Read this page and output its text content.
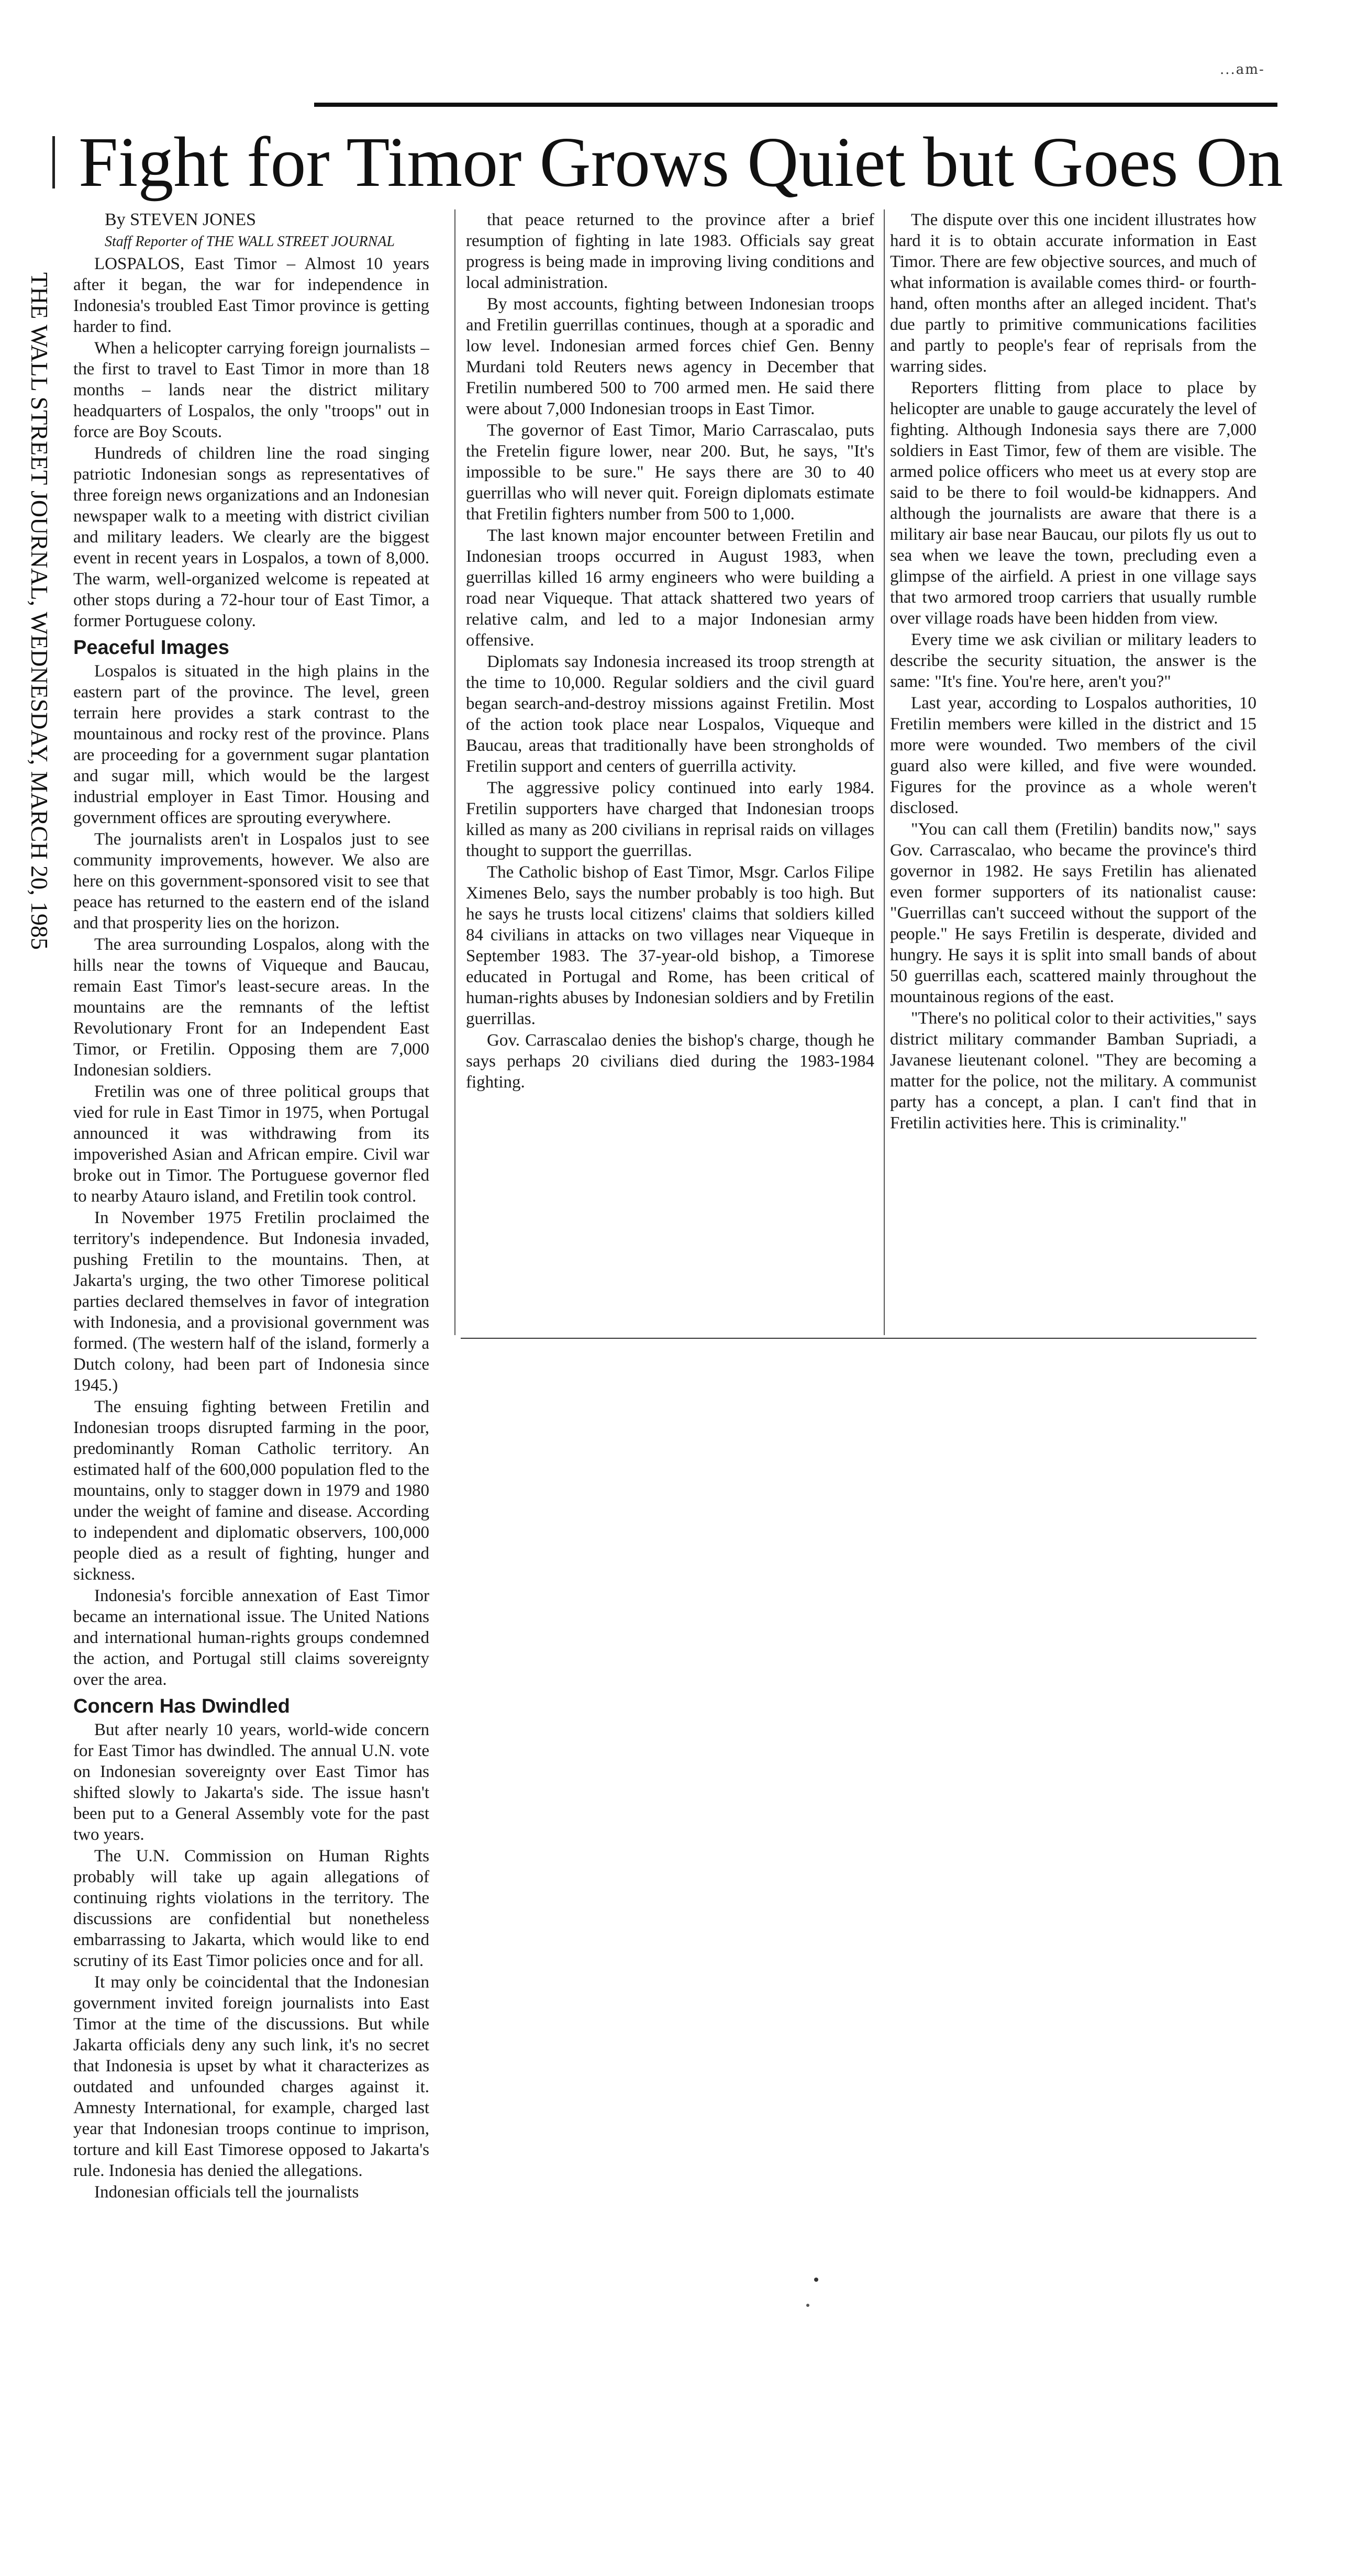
...am-
Fight for Timor Grows Quiet but Goes On
THE WALL STREET JOURNAL, WEDNESDAY, MARCH 20, 1985
By STEVEN JONES
Staff Reporter of THE WALL STREET JOURNAL

LOSPALOS, East Timor – Almost 10 years after it began, the war for independence in Indonesia's troubled East Timor province is getting harder to find.

When a helicopter carrying foreign journalists – the first to travel to East Timor in more than 18 months – lands near the district military headquarters of Lospalos, the only "troops" out in force are Boy Scouts.

Hundreds of children line the road singing patriotic Indonesian songs as representatives of three foreign news organizations and an Indonesian newspaper walk to a meeting with district civilian and military leaders. We clearly are the biggest event in recent years in Lospalos, a town of 8,000. The warm, well-organized welcome is repeated at other stops during a 72-hour tour of East Timor, a former Portuguese colony.

Peaceful Images

Lospalos is situated in the high plains in the eastern part of the province. The level, green terrain here provides a stark contrast to the mountainous and rocky rest of the province. Plans are proceeding for a government sugar plantation and sugar mill, which would be the largest industrial employer in East Timor. Housing and government offices are sprouting everywhere.

The journalists aren't in Lospalos just to see community improvements, however. We also are here on this government-sponsored visit to see that peace has returned to the eastern end of the island and that prosperity lies on the horizon.

The area surrounding Lospalos, along with the hills near the towns of Viqueque and Baucau, remain East Timor's least-secure areas. In the mountains are the remnants of the leftist Revolutionary Front for an Independent East Timor, or Fretilin. Opposing them are 7,000 Indonesian soldiers.

Fretilin was one of three political groups that vied for rule in East Timor in 1975, when Portugal announced it was withdrawing from its impoverished Asian and African empire. Civil war broke out in Timor. The Portuguese governor fled to nearby Atauro island, and Fretilin took control.

In November 1975 Fretilin proclaimed the territory's independence. But Indonesia invaded, pushing Fretilin to the mountains. Then, at Jakarta's urging, the two other Timorese political parties declared themselves in favor of integration with Indonesia, and a provisional government was formed. (The western half of the island, formerly a Dutch colony, had been part of Indonesia since 1945.)

The ensuing fighting between Fretilin and Indonesian troops disrupted farming in the poor, predominantly Roman Catholic territory. An estimated half of the 600,000 population fled to the mountains, only to stagger down in 1979 and 1980 under the weight of famine and disease. According to independent and diplomatic observers, 100,000 people died as a result of fighting, hunger and sickness.

Indonesia's forcible annexation of East Timor became an international issue. The United Nations and international human-rights groups condemned the action, and Portugal still claims sovereignty over the area.

Concern Has Dwindled

But after nearly 10 years, world-wide concern for East Timor has dwindled. The annual U.N. vote on Indonesian sovereignty over East Timor has shifted slowly to Jakarta's side. The issue hasn't been put to a General Assembly vote for the past two years.

The U.N. Commission on Human Rights probably will take up again allegations of continuing rights violations in the territory. The discussions are confidential but nonetheless embarrassing to Jakarta, which would like to end scrutiny of its East Timor policies once and for all.

It may only be coincidental that the Indonesian government invited foreign journalists into East Timor at the time of the discussions. But while Jakarta officials deny any such link, it's no secret that Indonesia is upset by what it characterizes as outdated and unfounded charges against it. Amnesty International, for example, charged last year that Indonesian troops continue to imprison, torture and kill East Timorese opposed to Jakarta's rule. Indonesia has denied the allegations.

Indonesian officials tell the journalists

that peace returned to the province after a brief resumption of fighting in late 1983. Officials say great progress is being made in improving living conditions and local administration.

By most accounts, fighting between Indonesian troops and Fretilin guerrillas continues, though at a sporadic and low level. Indonesian armed forces chief Gen. Benny Murdani told Reuters news agency in December that Fretilin numbered 500 to 700 armed men. He said there were about 7,000 Indonesian troops in East Timor.

The governor of East Timor, Mario Carrascalao, puts the Fretelin figure lower, near 200. But, he says, "It's impossible to be sure." He says there are 30 to 40 guerrillas who will never quit. Foreign diplomats estimate that Fretilin fighters number from 500 to 1,000.

The last known major encounter between Fretilin and Indonesian troops occurred in August 1983, when guerrillas killed 16 army engineers who were building a road near Viqueque. That attack shattered two years of relative calm, and led to a major Indonesian army offensive.

Diplomats say Indonesia increased its troop strength at the time to 10,000. Regular soldiers and the civil guard began search-and-destroy missions against Fretilin. Most of the action took place near Lospalos, Viqueque and Baucau, areas that traditionally have been strongholds of Fretilin support and centers of guerrilla activity.

The aggressive policy continued into early 1984. Fretilin supporters have charged that Indonesian troops killed as many as 200 civilians in reprisal raids on villages thought to support the guerrillas.

The Catholic bishop of East Timor, Msgr. Carlos Filipe Ximenes Belo, says the number probably is too high. But he says he trusts local citizens' claims that soldiers killed 84 civilians in attacks on two villages near Viqueque in September 1983. The 37-year-old bishop, a Timorese educated in Portugal and Rome, has been critical of human-rights abuses by Indonesian soldiers and by Fretilin guerrillas.

Gov. Carrascalao denies the bishop's charge, though he says perhaps 20 civilians died during the 1983-1984 fighting.

The dispute over this one incident illustrates how hard it is to obtain accurate information in East Timor. There are few objective sources, and much of what information is available comes third- or fourth-hand, often months after an alleged incident. That's due partly to primitive communications facilities and partly to people's fear of reprisals from the warring sides.

Reporters flitting from place to place by helicopter are unable to gauge accurately the level of fighting. Although Indonesia says there are 7,000 soldiers in East Timor, few of them are visible. The armed police officers who meet us at every stop are said to be there to foil would-be kidnappers. And although the journalists are aware that there is a military air base near Baucau, our pilots fly us out to sea when we leave the town, precluding even a glimpse of the airfield. A priest in one village says that two armored troop carriers that usually rumble over village roads have been hidden from view.

Every time we ask civilian or military leaders to describe the security situation, the answer is the same: "It's fine. You're here, aren't you?"

Last year, according to Lospalos authorities, 10 Fretilin members were killed in the district and 15 more were wounded. Two members of the civil guard also were killed, and five were wounded. Figures for the province as a whole weren't disclosed.

"You can call them (Fretilin) bandits now," says Gov. Carrascalao, who became the province's third governor in 1982. He says Fretilin has alienated even former supporters of its nationalist cause: "Guerrillas can't succeed without the support of the people." He says Fretilin is desperate, divided and hungry. He says it is split into small bands of about 50 guerrillas each, scattered mainly throughout the mountainous regions of the east.

"There's no political color to their activities," says district military commander Bamban Supriadi, a Javanese lieutenant colonel. "They are becoming a matter for the police, not the military. A communist party has a concept, a plan. I can't find that in Fretilin activities here. This is criminality."
